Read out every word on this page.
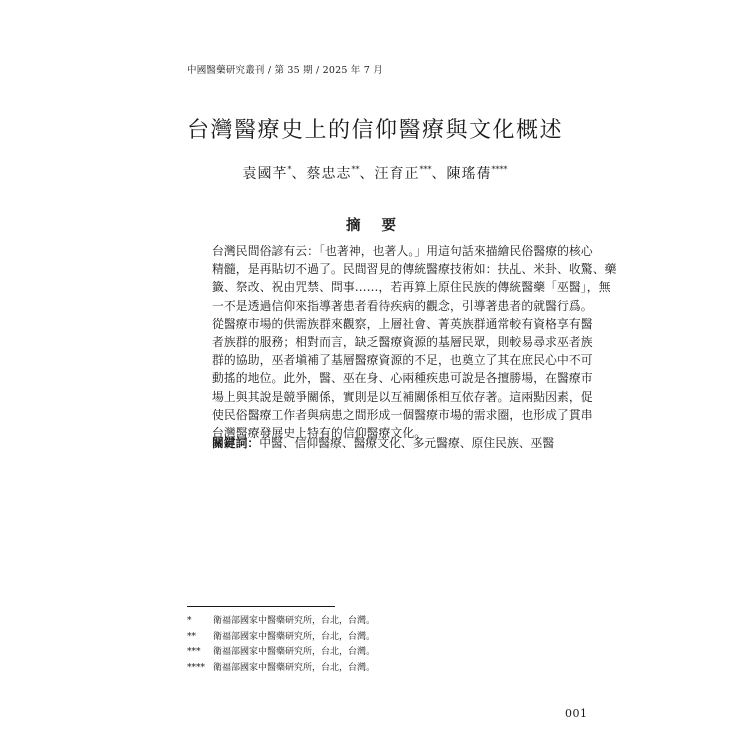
中國醫藥研究叢刊 / 第 35 期 / 2025 年 7 月
台灣醫療史上的信仰醫療與文化概述
袁國芊*、蔡忠志**、汪育正***、陳瑤蒨****
摘 要
台灣民間俗諺有云：「也著神，也著人。」用這句話來描繪民俗醫療的核心
精髓，是再貼切不過了。民間習見的傳統醫療技術如：扶乩、米卦、收驚、藥
籤、祭改、祝由咒禁、問事……，若再算上原住民族的傳統醫藥「巫醫」，無
一不是透過信仰來指導著患者看待疾病的觀念，引導著患者的就醫行爲。
從醫療市場的供需族群來觀察，上層社會、菁英族群通常較有資格享有醫
者族群的服務；相對而言，缺乏醫療資源的基層民眾，則較易尋求巫者族
群的協助，巫者塡補了基層醫療資源的不足，也奠立了其在庶民心中不可
動搖的地位。此外，醫、巫在身、心兩種疾患可說是各擅勝場，在醫療市
場上與其說是競爭關係，實則是以互補關係相互依存著。這兩點因素，促
使民俗醫療工作者與病患之間形成一個醫療市場的需求圈，也形成了貫串
台灣醫療發展史上特有的信仰醫療文化。
關鍵詞：中醫、信仰醫療、醫療文化、多元醫療、原住民族、巫醫
* 衛福部國家中醫藥研究所，台北，台灣。
** 衛福部國家中醫藥研究所，台北，台灣。
*** 衛福部國家中醫藥研究所，台北，台灣。
**** 衛福部國家中醫藥研究所，台北，台灣。
001
